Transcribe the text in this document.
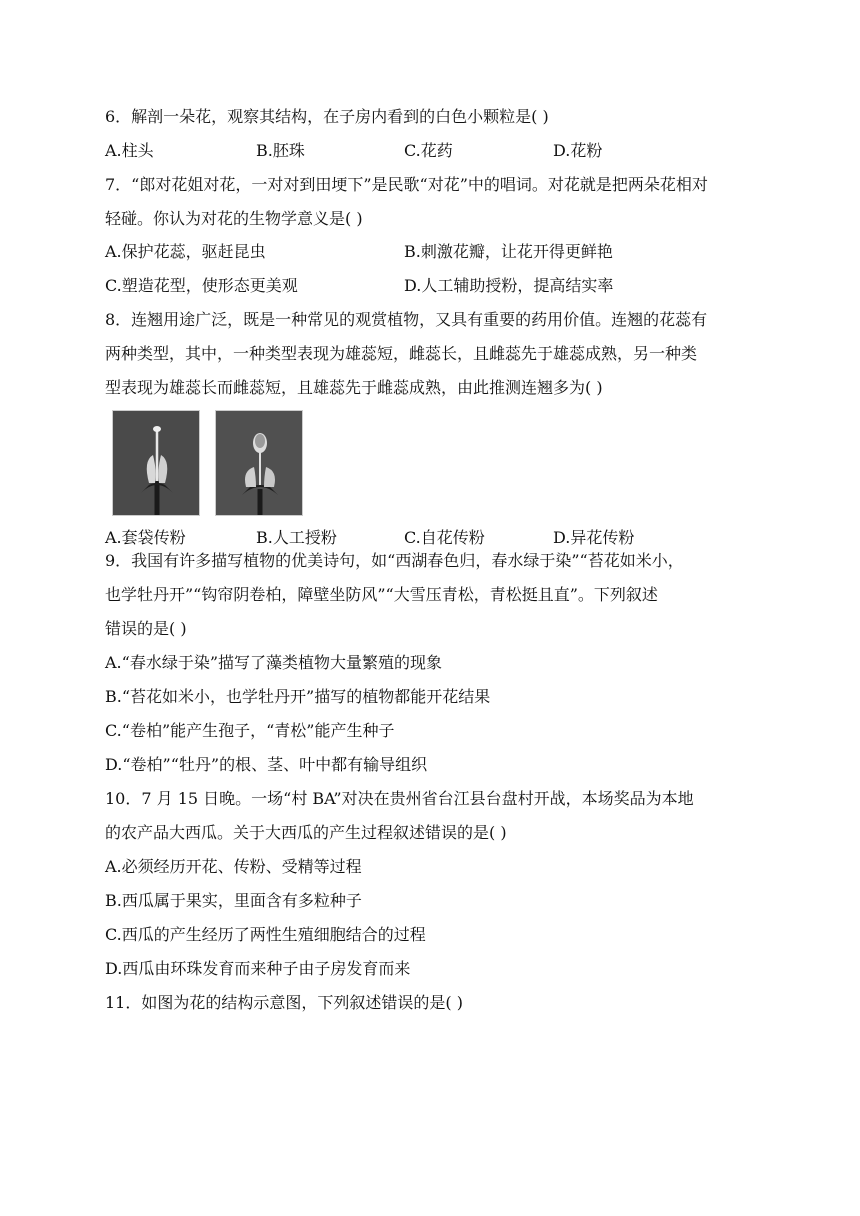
6．解剖一朵花，观察其结构，在子房内看到的白色小颗粒是( )
A.柱头	B.胚珠	C.花药	D.花粉
7．“郎对花姐对花，一对对到田埂下”是民歌“对花”中的唱词。对花就是把两朵花相对
轻碰。你认为对花的生物学意义是( )
A.保护花蕊，驱赶昆虫	B.刺激花瓣，让花开得更鲜艳
C.塑造花型，使形态更美观	D.人工辅助授粉，提高结实率
8．连翘用途广泛，既是一种常见的观赏植物，又具有重要的药用价值。连翘的花蕊有
两种类型，其中，一种类型表现为雄蕊短，雌蕊长，且雌蕊先于雄蕊成熟，另一种类
型表现为雄蕊长而雌蕊短，且雄蕊先于雌蕊成熟，由此推测连翘多为( )
A.套袋传粉	B.人工授粉	C.自花传粉	D.异花传粉
9．我国有许多描写植物的优美诗句，如“西湖春色归，春水绿于染”“苔花如米小，
也学牡丹开”“钩帘阴卷柏，障壁坐防风”“大雪压青松，青松挺且直”。下列叙述
错误的是( )
A.“春水绿于染”描写了藻类植物大量繁殖的现象
B.“苔花如米小，也学牡丹开”描写的植物都能开花结果
C.“卷柏”能产生孢子，“青松”能产生种子
D.“卷柏”“牡丹”的根、茎、叶中都有输导组织
10．7 月 15 日晚。一场“村 BA”对决在贵州省台江县台盘村开战，本场奖品为本地
的农产品大西瓜。关于大西瓜的产生过程叙述错误的是( )
A.必须经历开花、传粉、受精等过程
B.西瓜属于果实，里面含有多粒种子
C.西瓜的产生经历了两性生殖细胞结合的过程
D.西瓜由环珠发育而来种子由子房发育而来
11．如图为花的结构示意图，下列叙述错误的是( )
